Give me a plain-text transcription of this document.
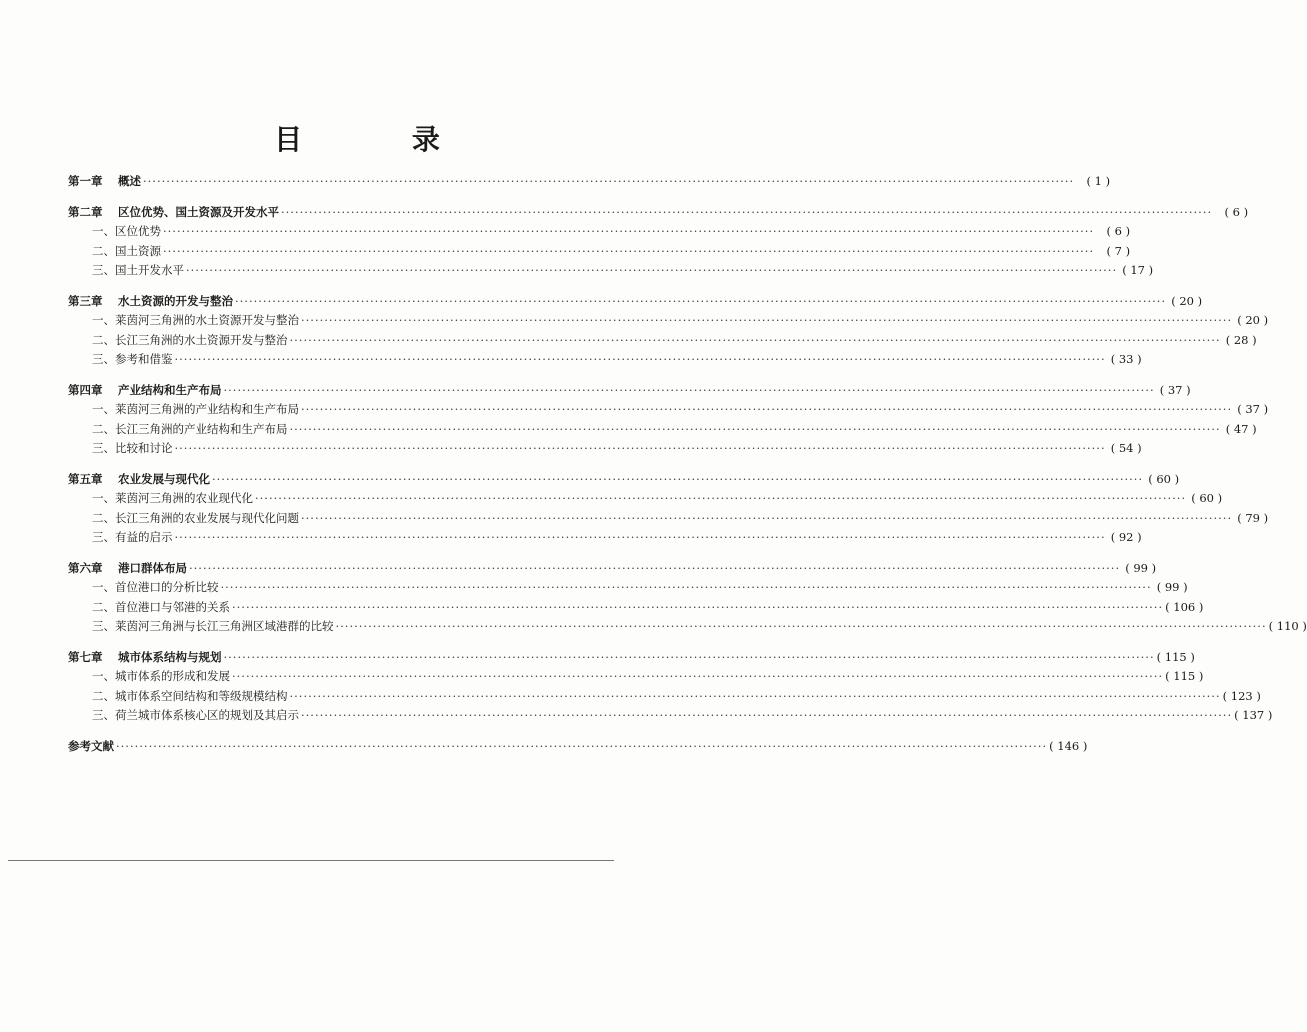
目 录
第一章	概述 ········································································································································································································	( 1 )
第二章	区位优势、国土资源及开发水平 ········································································································································································································	( 6 )
一、区位优势 ········································································································································································································	( 6 )
二、国土资源 ········································································································································································································	( 7 )
三、国土开发水平 ········································································································································································································ ( 17 )
第三章	水土资源的开发与整治 ········································································································································································································ ( 20 )
一、莱茵河三角洲的水土资源开发与整治 ········································································································································································································ ( 20 )
二、长江三角洲的水土资源开发与整治 ········································································································································································································ ( 28 )
三、参考和借鉴 ········································································································································································································ ( 33 )
第四章	产业结构和生产布局 ········································································································································································································ ( 37 )
一、莱茵河三角洲的产业结构和生产布局 ········································································································································································································ ( 37 )
二、长江三角洲的产业结构和生产布局 ········································································································································································································ ( 47 )
三、比较和讨论 ········································································································································································································ ( 54 )
第五章	农业发展与现代化 ········································································································································································································ ( 60 )
一、莱茵河三角洲的农业现代化 ········································································································································································································ ( 60 )
二、长江三角洲的农业发展与现代化问题 ········································································································································································································ ( 79 )
三、有益的启示 ········································································································································································································ ( 92 )
第六章	港口群体布局 ········································································································································································································ ( 99 )
一、首位港口的分析比较 ········································································································································································································ ( 99 )
二、首位港口与邻港的关系 ········································································································································································································ ( 106 )
三、莱茵河三角洲与长江三角洲区域港群的比较 ········································································································································································································ ( 110 )
第七章	城市体系结构与规划 ········································································································································································································ ( 115 )
一、城市体系的形成和发展 ········································································································································································································ ( 115 )
二、城市体系空间结构和等级规模结构 ········································································································································································································ ( 123 )
三、荷兰城市体系核心区的规划及其启示 ········································································································································································································ ( 137 )
参考文献 ········································································································································································································ ( 146 )
